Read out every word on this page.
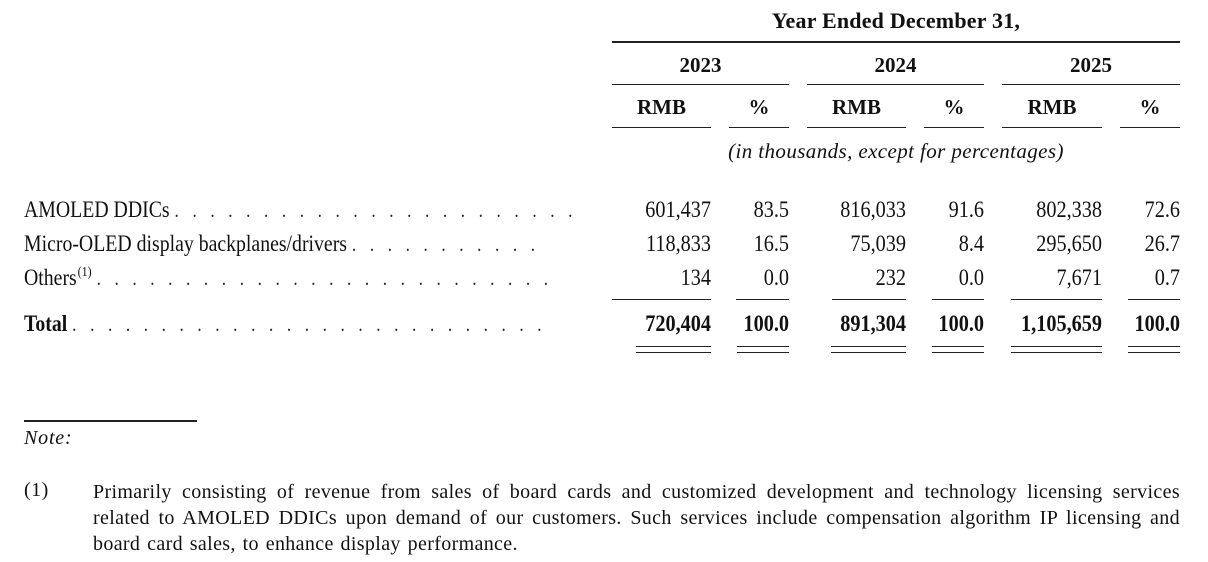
Year Ended December 31,
2023	2024	2025
RMB	%	RMB	%	RMB	%
(in thousands, except for percentages)
AMOLED DDICs . . . . . . . . . . . . . . . . . . . . . . .	601,437	83.5	816,033	91.6	802,338	72.6
Micro-OLED display backplanes/drivers . . . . . . . . . . .	118,833	16.5	75,039	8.4	295,650	26.7
Others$^{(1)}$ . . . . . . . . . . . . . . . . . . . . . . . . . .	134	0.0	232	0.0	7,671	0.7
Total . . . . . . . . . . . . . . . . . . . . . . . . . . .	720,404	100.0	891,304	100.0	1,105,659	100.0
Note:
(1) Primarily consisting of revenue from sales of board cards and customized development and technology licensing services related to AMOLED DDICs upon demand of our customers. Such services include compensation algorithm IP licensing and board card sales, to enhance display performance.
